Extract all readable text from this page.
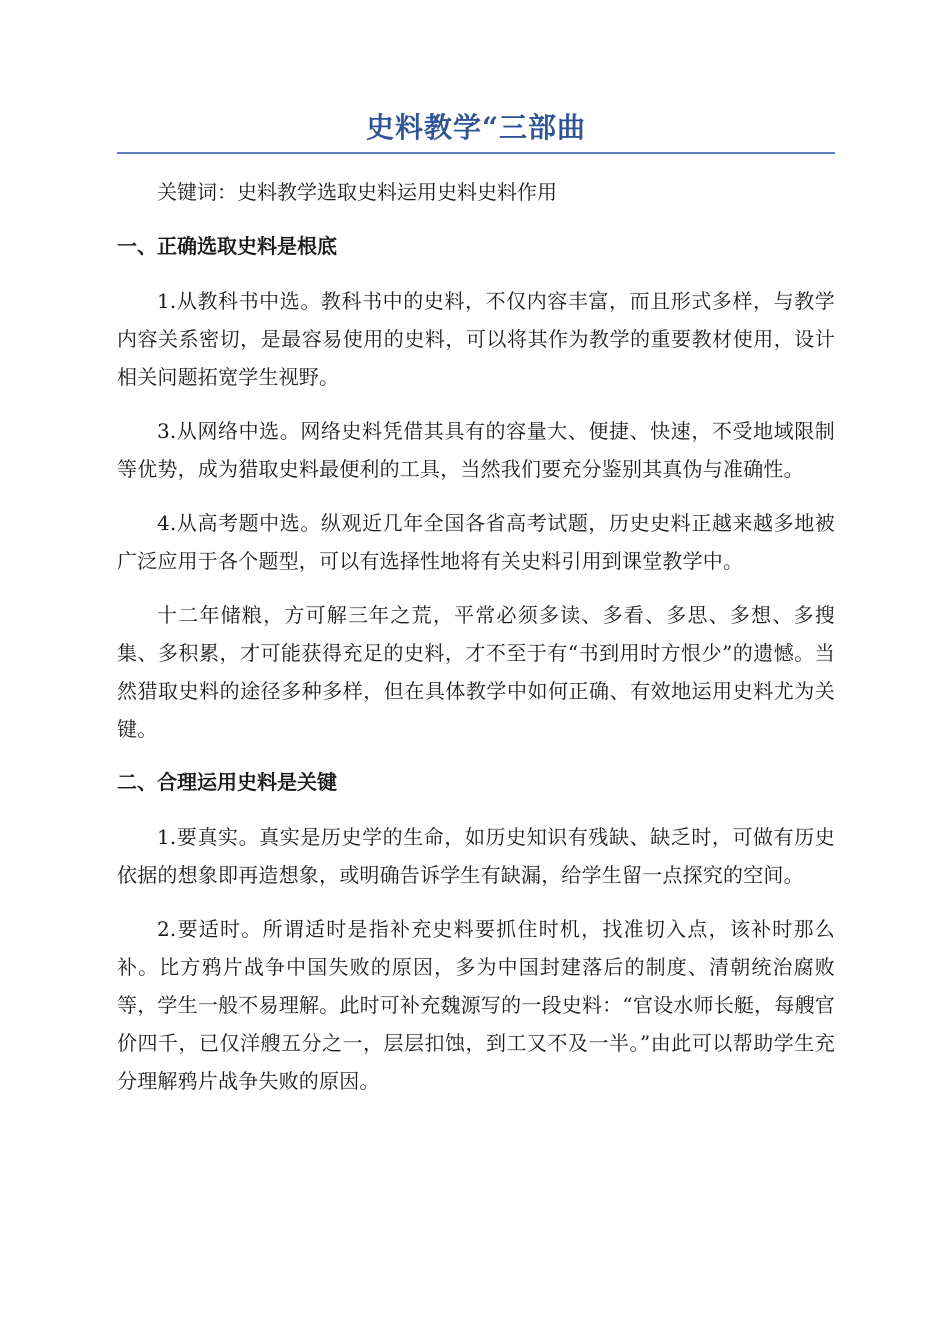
史料教学“三部曲

关键词：史料教学选取史料运用史料史料作用

一、正确选取史料是根底

1.从教科书中选。教科书中的史料，不仅内容丰富，而且形式多样，与教学内容关系密切，是最容易使用的史料，可以将其作为教学的重要教材使用，设计相关问题拓宽学生视野。

3.从网络中选。网络史料凭借其具有的容量大、便捷、快速，不受地域限制等优势，成为猎取史料最便利的工具，当然我们要充分鉴别其真伪与准确性。

4.从高考题中选。纵观近几年全国各省高考试题，历史史料正越来越多地被广泛应用于各个题型，可以有选择性地将有关史料引用到课堂教学中。

十二年储粮，方可解三年之荒，平常必须多读、多看、多思、多想、多搜集、多积累，才可能获得充足的史料，才不至于有“书到用时方恨少”的遗憾。当然猎取史料的途径多种多样，但在具体教学中如何正确、有效地运用史料尤为关键。

二、合理运用史料是关键

1.要真实。真实是历史学的生命，如历史知识有残缺、缺乏时，可做有历史依据的想象即再造想象，或明确告诉学生有缺漏，给学生留一点探究的空间。

2.要适时。所谓适时是指补充史料要抓住时机，找准切入点，该补时那么补。比方鸦片战争中国失败的原因，多为中国封建落后的制度、清朝统治腐败等，学生一般不易理解。此时可补充魏源写的一段史料：“官设水师长艇，每艘官价四千，已仅洋艘五分之一，层层扣蚀，到工又不及一半。”由此可以帮助学生充分理解鸦片战争失败的原因。
